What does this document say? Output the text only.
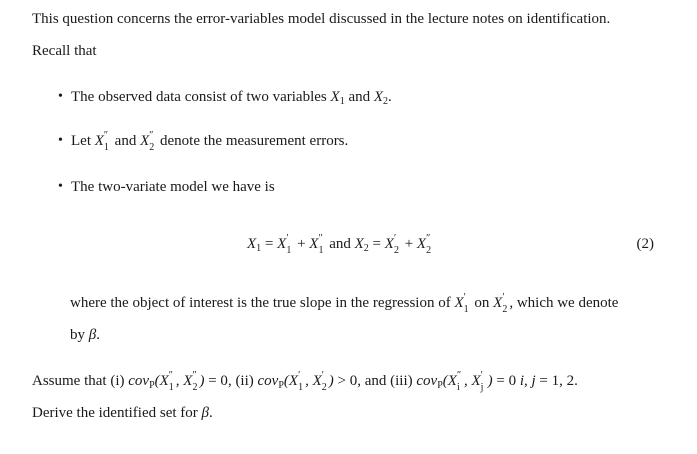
This question concerns the error-variables model discussed in the lecture notes on identification.
Recall that
• The observed data consist of two variables $X_1$ and $X_2$.
• Let X ″
1 and X ″
2 denote the measurement errors.
• The two-variate model we have is
$X_1 = X$ ′
1 + X ″
1 and $X_2 = X$ ′
2 + X ″
2	(2)
where the object of interest is the true slope in the regression of X ′
1 on X ′
2 , which we denote
by β.
Assume that (i) cov$_P$(X ″
1 , X ″
2 ) = 0, (ii) cov$_P$(X ′
1 , X ′
2 ) > 0, and (iii) cov$_P$(X ″
i , X ′
j ) = 0 i, j = 1, 2.
Derive the identified set for β.
